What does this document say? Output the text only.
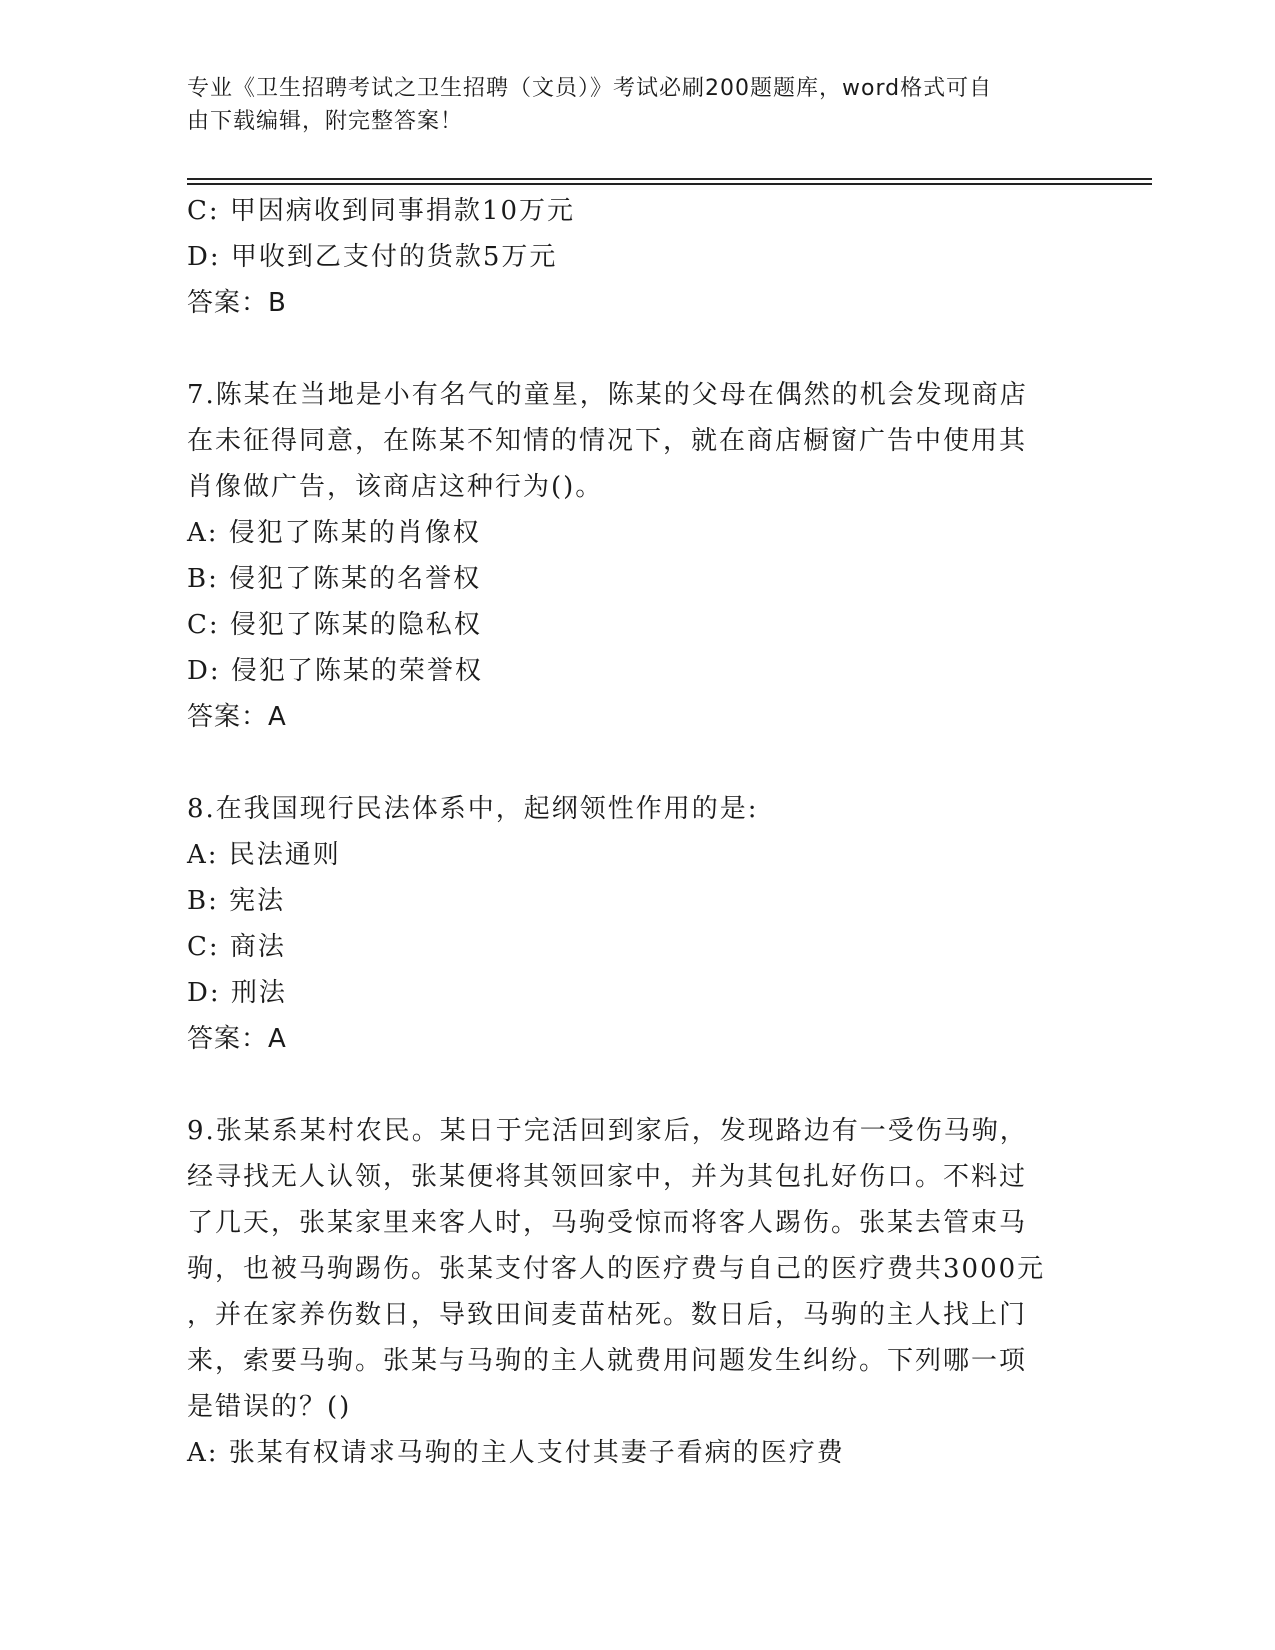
专业《卫生招聘考试之卫生招聘（文员）》考试必刷200题题库，word格式可自
由下载编辑，附完整答案！
C: 甲因病收到同事捐款10万元
D: 甲收到乙支付的货款5万元
答案：B
7.陈某在当地是小有名气的童星，陈某的父母在偶然的机会发现商店
在未征得同意，在陈某不知情的情况下，就在商店橱窗广告中使用其
肖像做广告，该商店这种行为()。
A: 侵犯了陈某的肖像权
B: 侵犯了陈某的名誉权
C: 侵犯了陈某的隐私权
D: 侵犯了陈某的荣誉权
答案：A
8.在我国现行民法体系中，起纲领性作用的是:
A: 民法通则
B: 宪法
C: 商法
D: 刑法
答案：A
9.张某系某村农民。某日于完活回到家后，发现路边有一受伤马驹，
经寻找无人认领，张某便将其领回家中，并为其包扎好伤口。不料过
了几天，张某家里来客人时，马驹受惊而将客人踢伤。张某去管束马
驹，也被马驹踢伤。张某支付客人的医疗费与自己的医疗费共3000元
，并在家养伤数日，导致田间麦苗枯死。数日后，马驹的主人找上门
来，索要马驹。张某与马驹的主人就费用问题发生纠纷。下列哪一项
是错误的？()
A: 张某有权请求马驹的主人支付其妻子看病的医疗费
